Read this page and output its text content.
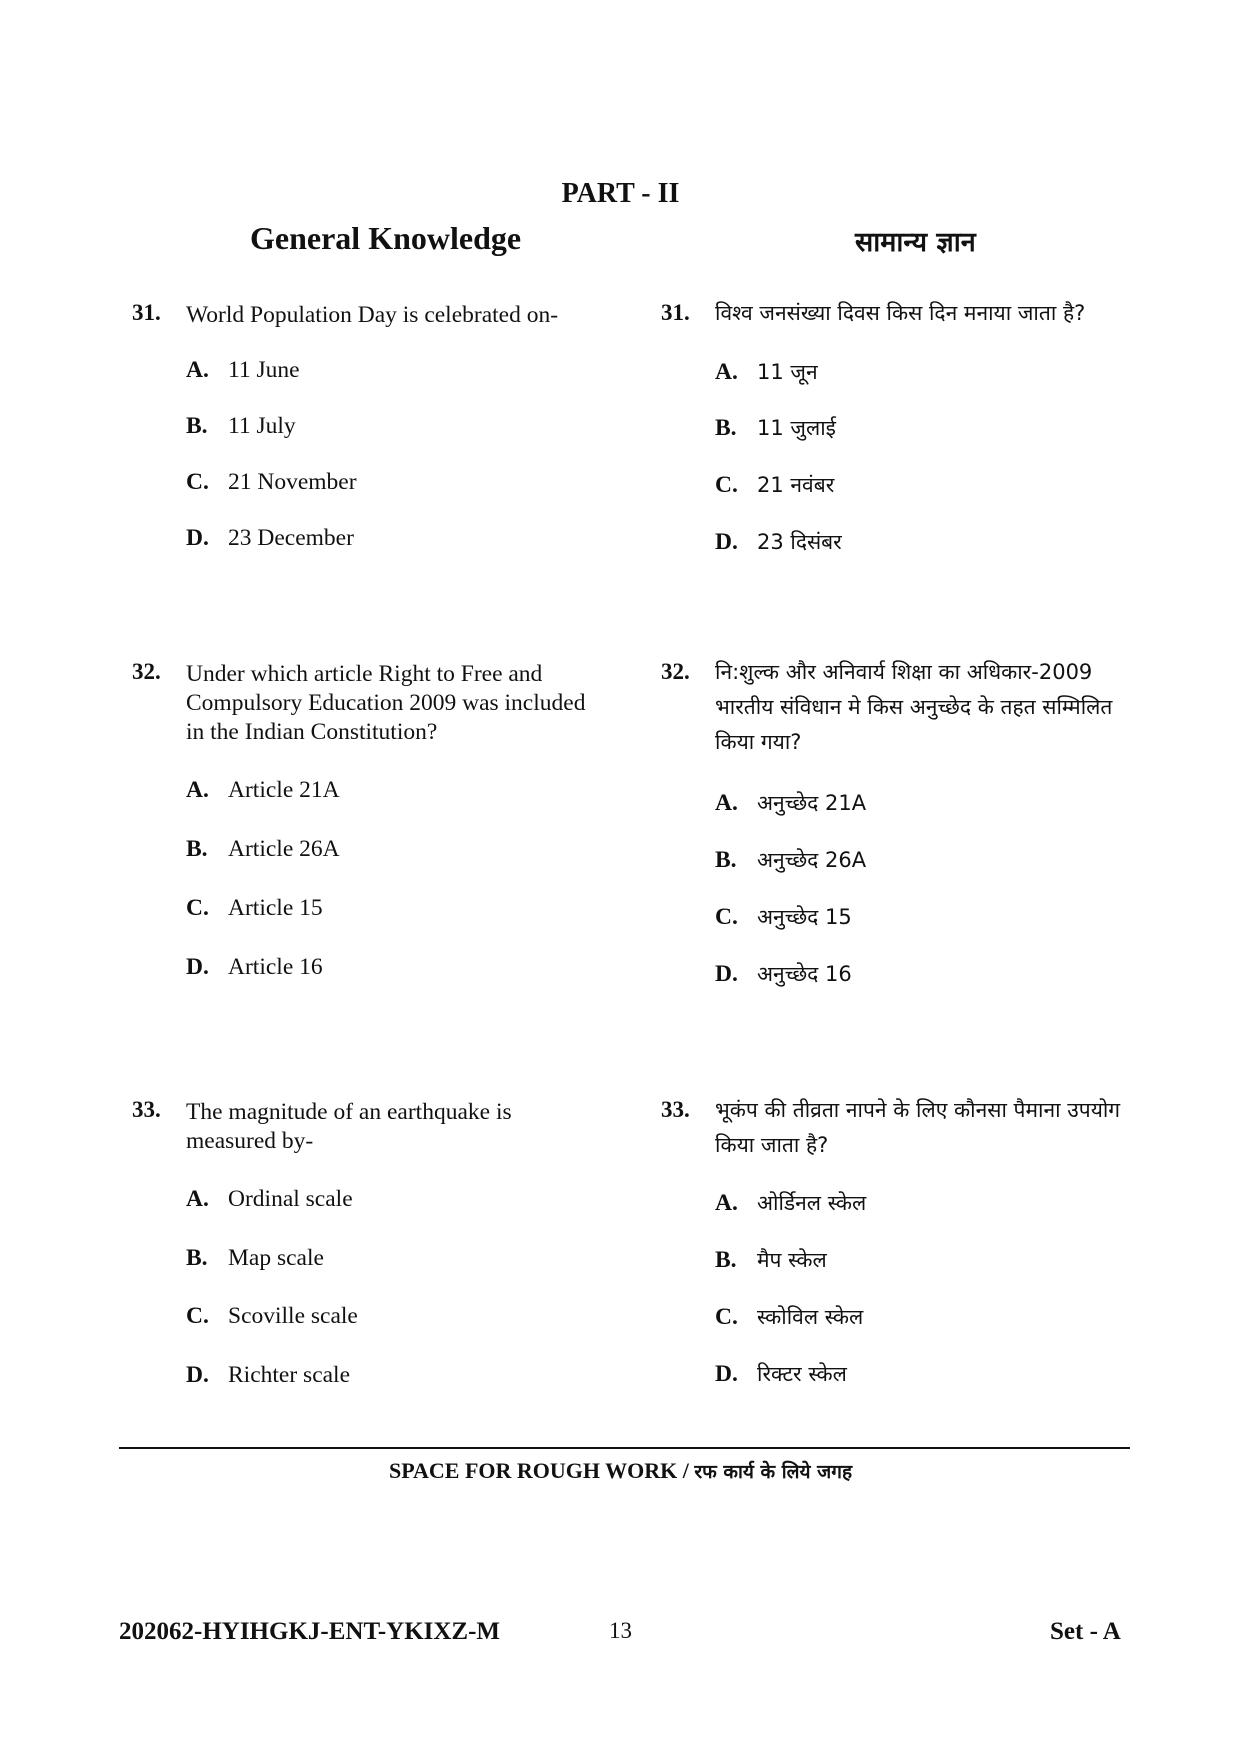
PART - II
General Knowledge	सामान्य ज्ञान
31. World Population Day is celebrated on-
A. 11 June
B. 11 July
C. 21 November
D. 23 December
31. विश्व जनसंख्या दिवस किस दिन मनाया जाता है?
A. 11 जून
B. 11 जुलाई
C. 21 नवंबर
D. 23 दिसंबर
32. Under which article Right to Free and Compulsory Education 2009 was included in the Indian Constitution?
A. Article 21A
B. Article 26A
C. Article 15
D. Article 16
32. नि:शुल्क और अनिवार्य शिक्षा का अधिकार-2009 भारतीय संविधान मे किस अनुच्छेद के तहत सम्मिलित किया गया?
A. अनुच्छेद 21A
B. अनुच्छेद 26A
C. अनुच्छेद 15
D. अनुच्छेद 16
33. The magnitude of an earthquake is measured by-
A. Ordinal scale
B. Map scale
C. Scoville scale
D. Richter scale
33. भूकंप की तीव्रता नापने के लिए कौनसा पैमाना उपयोग किया जाता है?
A. ओर्डिनल स्केल
B. मैप स्केल
C. स्कोविल स्केल
D. रिक्टर स्केल
SPACE FOR ROUGH WORK / रफ कार्य के लिये जगह
202062-HYIHGKJ-ENT-YKIXZ-M	13	Set - A
